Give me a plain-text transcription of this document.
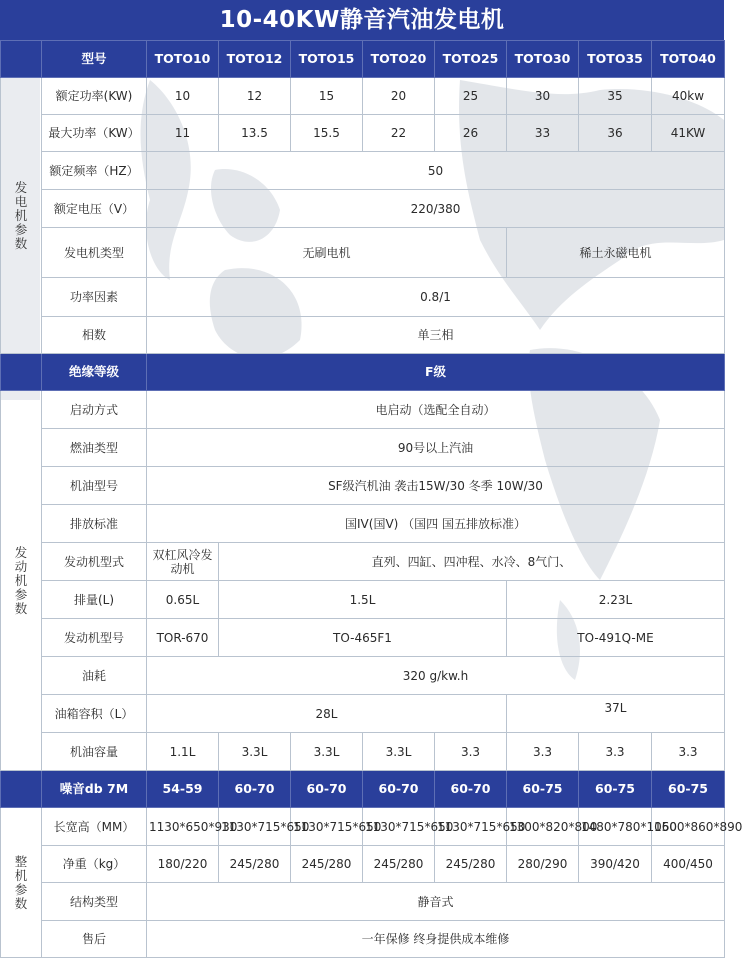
10-40KW静音汽油发电机
	型号	TOTO10	TOTO12	TOTO15	TOTO20	TOTO25	TOTO30	TOTO35	TOTO40
发电机参数	额定功率(KW)	10	12	15	20	25	30	35	40kw
	最大功率（KW）	11	13.5	15.5	22	26	33	36	41KW
	额定频率（HZ）	50							
	额定电压（V）	220/380							
	发电机类型	无刷电机					稀土永磁电机		
	功率因素	0.8/1							
	相数	单三相							
	绝缘等级	F级							
发动机参数	启动方式	电启动（选配全自动）							
	燃油类型	90号以上汽油							
	机油型号	SF级汽机油 袭击15W/30 冬季 10W/30							
	排放标准	国IV(国V) （国四 国五排放标准）							
	发动机型式	双杠风冷发动机	直列、四缸、四冲程、水冷、8气门、						
	排量(L)	0.65L	1.5L				2.23L		
	发动机型号	TOR-670	TO-465F1				TO-491Q-ME		
	油耗	320 g/kw.h							
	油箱容积（L）	28L					37L		
	机油容量	1.1L	3.3L	3.3L	3.3L	3.3	3.3	3.3	3.3
	噪音db 7M	54-59	60-70	60-70	60-70	60-70	60-75	60-75	60-75
整机参数	长宽高（MM）	1130*650*930	1130*715*650	1130*715*650	1130*715*650	1130*715*650	1300*820*800	1480*780*1060	1500*860*890
	净重（kg）	180/220	245/280	245/280	245/280	245/280	280/290	390/420	400/450
	结构类型	静音式							
	售后	一年保修 终身提供成本维修							
